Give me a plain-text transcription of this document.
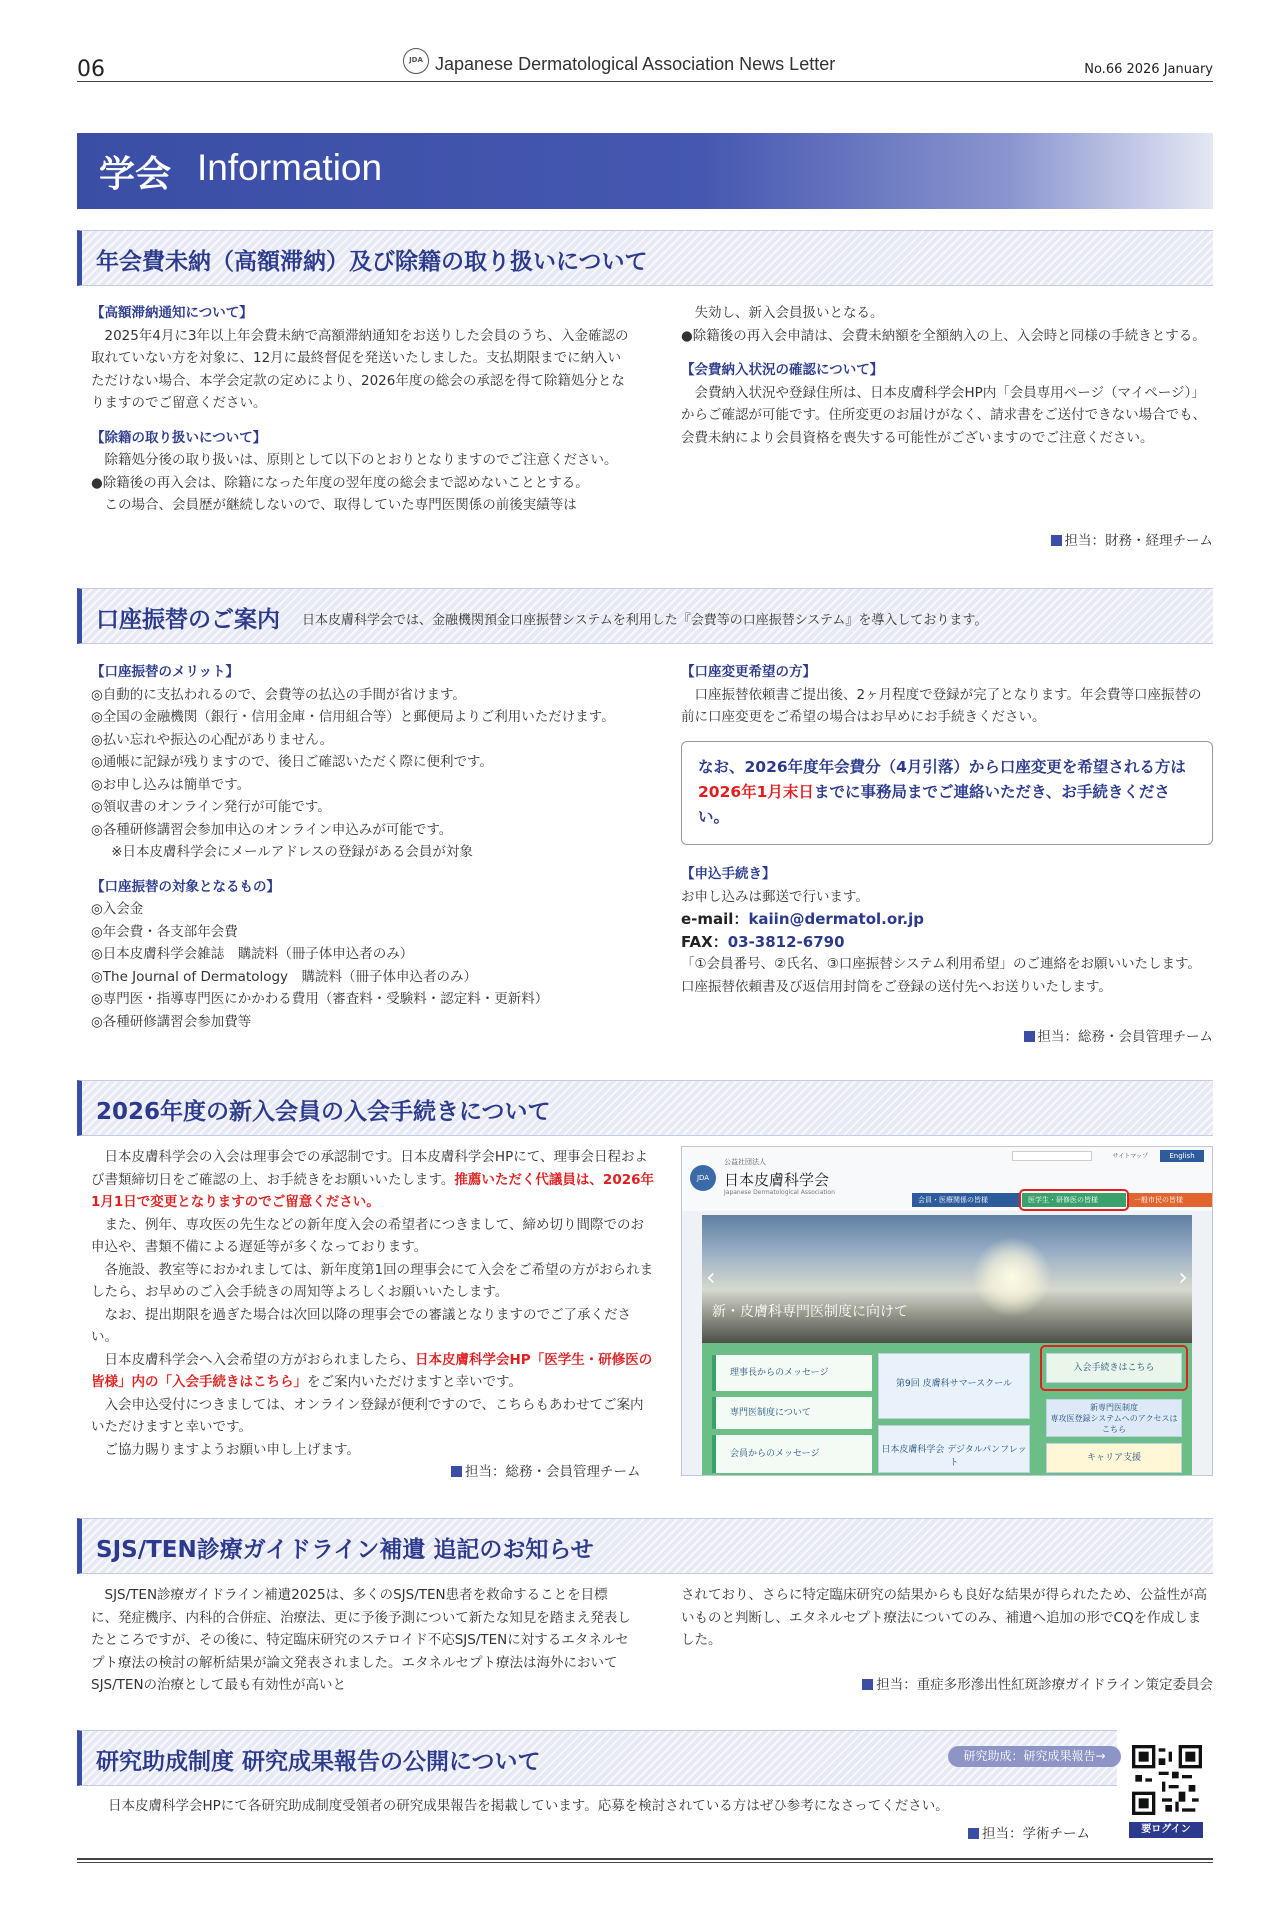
06	JDA Japanese Dermatological Association News Letter	No.66 2026 January
学会 Information
年会費未納（高額滞納）及び除籍の取り扱いについて

【高額滞納通知について】

2025年4月に3年以上年会費未納で高額滞納通知をお送りした会員のうち、入金確認の取れていない方を対象に、12月に最終督促を発送いたしました。支払期限までに納入いただけない場合、本学会定款の定めにより、2026年度の総会の承認を得て除籍処分となりますのでご留意ください。

【除籍の取り扱いについて】

除籍処分後の取り扱いは、原則として以下のとおりとなりますのでご注意ください。

●除籍後の再入会は、除籍になった年度の翌年度の総会まで認めないこととする。

この場合、会員歴が継続しないので、取得していた専門医関係の前後実績等は

失効し、新入会員扱いとなる。

●除籍後の再入会申請は、会費未納額を全額納入の上、入会時と同様の手続きとする。

【会費納入状況の確認について】

会費納入状況や登録住所は、日本皮膚科学会HP内「会員専用ページ（マイページ）」からご確認が可能です。住所変更のお届けがなく、請求書をご送付できない場合でも、会費未納により会員資格を喪失する可能性がございますのでご注意ください。

担当：財務・経理チーム
口座振替のご案内 日本皮膚科学会では、金融機関預金口座振替システムを利用した『会費等の口座振替システム』を導入しております。

【口座振替のメリット】

◎自動的に支払われるので、会費等の払込の手間が省けます。

◎全国の金融機関（銀行・信用金庫・信用組合等）と郵便局よりご利用いただけます。

◎払い忘れや振込の心配がありません。

◎通帳に記録が残りますので、後日ご確認いただく際に便利です。

◎お申し込みは簡単です。

◎領収書のオンライン発行が可能です。

◎各種研修講習会参加申込のオンライン申込みが可能です。

※日本皮膚科学会にメールアドレスの登録がある会員が対象

【口座振替の対象となるもの】

◎入会金

◎年会費・各支部年会費

◎日本皮膚科学会雑誌　購読料（冊子体申込者のみ）

◎The Journal of Dermatology　購読料（冊子体申込者のみ）

◎専門医・指導専門医にかかわる費用（審査料・受験料・認定料・更新料）

◎各種研修講習会参加費等

【口座変更希望の方】

口座振替依頼書ご提出後、2ヶ月程度で登録が完了となります。年会費等口座振替の前に口座変更をご希望の場合はお早めにお手続きください。

なお、2026年度年会費分（4月引落）から口座変更を希望される方は2026年1月末日までに事務局までご連絡いただき、お手続きください。

【申込手続き】

お申し込みは郵送で行います。

e-mail：kaiin@dermatol.or.jp

FAX：03-3812-6790

「①会員番号、②氏名、③口座振替システム利用希望」のご連絡をお願いいたします。

口座振替依頼書及び返信用封筒をご登録の送付先へお送りいたします。

担当：総務・会員管理チーム
2026年度の新入会員の入会手続きについて

日本皮膚科学会の入会は理事会での承認制です。日本皮膚科学会HPにて、理事会日程および書類締切日をご確認の上、お手続きをお願いいたします。推薦いただく代議員は、2026年1月1日で変更となりますのでご留意ください。

また、例年、専攻医の先生などの新年度入会の希望者につきまして、締め切り間際でのお申込や、書類不備による遅延等が多くなっております。

各施設、教室等におかれましては、新年度第1回の理事会にて入会をご希望の方がおられましたら、お早めのご入会手続きの周知等よろしくお願いいたします。

なお、提出期限を過ぎた場合は次回以降の理事会での審議となりますのでご了承ください。

日本皮膚科学会へ入会希望の方がおられましたら、日本皮膚科学会HP「医学生・研修医の皆様」内の「入会手続きはこちら」をご案内いただけますと幸いです。

入会申込受付につきましては、オンライン登録が便利ですので、こちらもあわせてご案内いただけますと幸いです。

ご協力賜りますようお願い申し上げます。

担当：総務・会員管理チーム
JDA
公益社団法人
日本皮膚科学会
Japanese Dermatological Association
サイトマップ	English
会員・医療関係の皆様	医学生・研修医の皆様	一般市民の皆様
‹	›
新・皮膚科専門医制度に向けて
理事長からのメッセージ
専門医制度について
会員からのメッセージ
第9回 皮膚科サマースクール
日本皮膚科学会 デジタルパンフレット
入会手続きはこちら
新専門医制度
専攻医登録システムへのアクセスはこちら
キャリア支援
SJS/TEN診療ガイドライン補遺 追記のお知らせ

SJS/TEN診療ガイドライン補遺2025は、多くのSJS/TEN患者を救命することを目標に、発症機序、内科的合併症、治療法、更に予後予測について新たな知見を踏まえ発表したところですが、その後に、特定臨床研究のステロイド不応SJS/TENに対するエタネルセプト療法の検討の解析結果が論文発表されました。エタネルセプト療法は海外においてSJS/TENの治療として最も有効性が高いと

されており、さらに特定臨床研究の結果からも良好な結果が得られたため、公益性が高いものと判断し、エタネルセプト療法についてのみ、補遺へ追加の形でCQを作成しました。

担当：重症多形滲出性紅斑診療ガイドライン策定委員会
研究助成制度 研究成果報告の公開について	研究助成：研究成果報告→

日本皮膚科学会HPにて各研究助成制度受領者の研究成果報告を掲載しています。応募を検討されている方はぜひ参考になさってください。

担当：学術チーム	要ログイン
